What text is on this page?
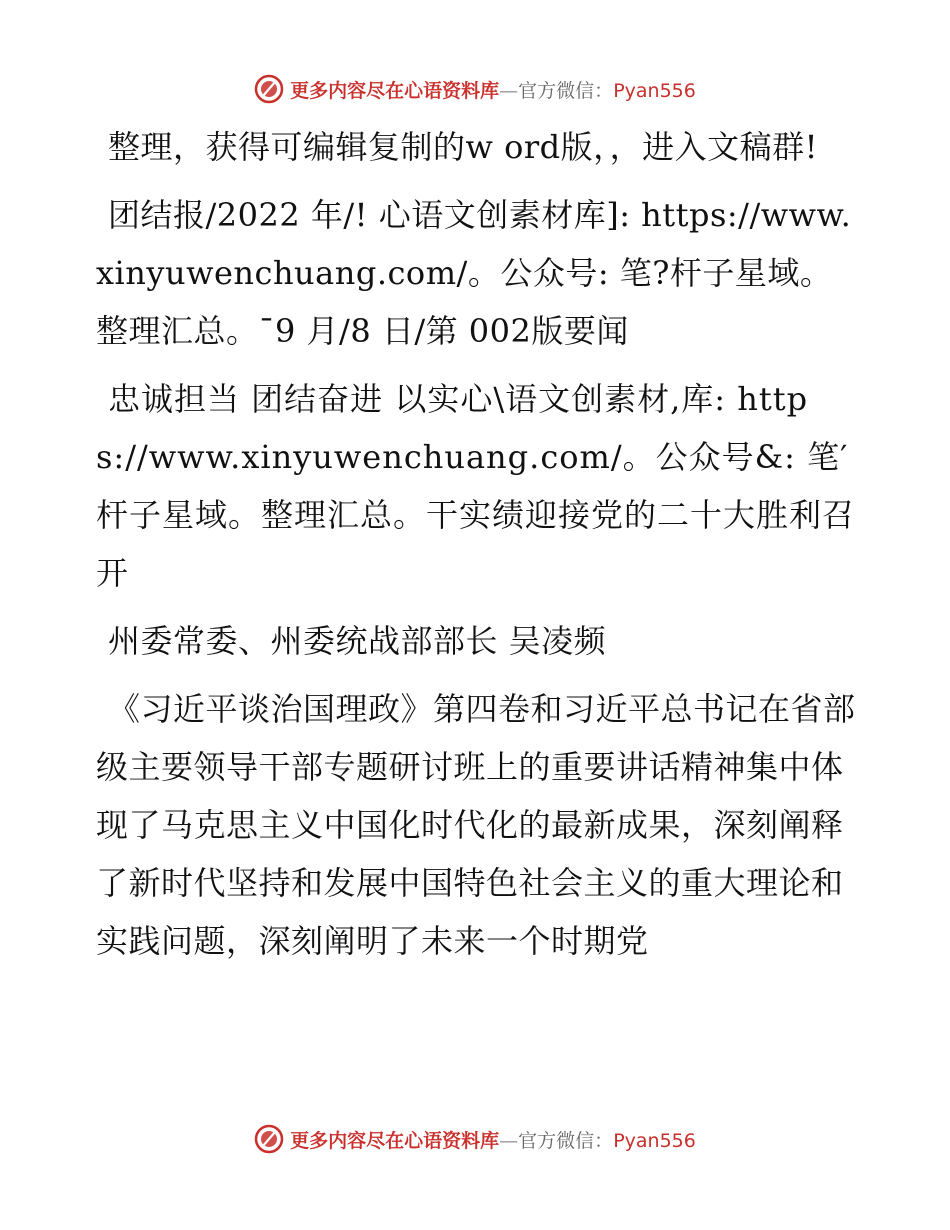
更多内容尽在心语资料库—官方微信：Pyan556

整理，获得可编辑复制的w ord版，，进入文稿群!

团结报/2022 年/! 心语文创素材库]: https://www.xinyuwenchuang.com/。公众号: 笔?杆子星域。整理汇总。¯9 月/8 日/第 002版要闻

忠诚担当 团结奋进 以实心\语文创素材,库: https://www.xinyuwenchuang.com/。公众号&: 笔′杆子星域。整理汇总。干实绩迎接党的二十大胜利召开

州委常委、州委统战部部长 吴凌频

《习近平谈治国理政》第四卷和习近平总书记在省部级主要领导干部专题研讨班上的重要讲话精神集中体现了马克思主义中国化时代化的最新成果，深刻阐释了新时代坚持和发展中国特色社会主义的重大理论和实践问题，深刻阐明了未来一个时期党

更多内容尽在心语资料库—官方微信：Pyan556
